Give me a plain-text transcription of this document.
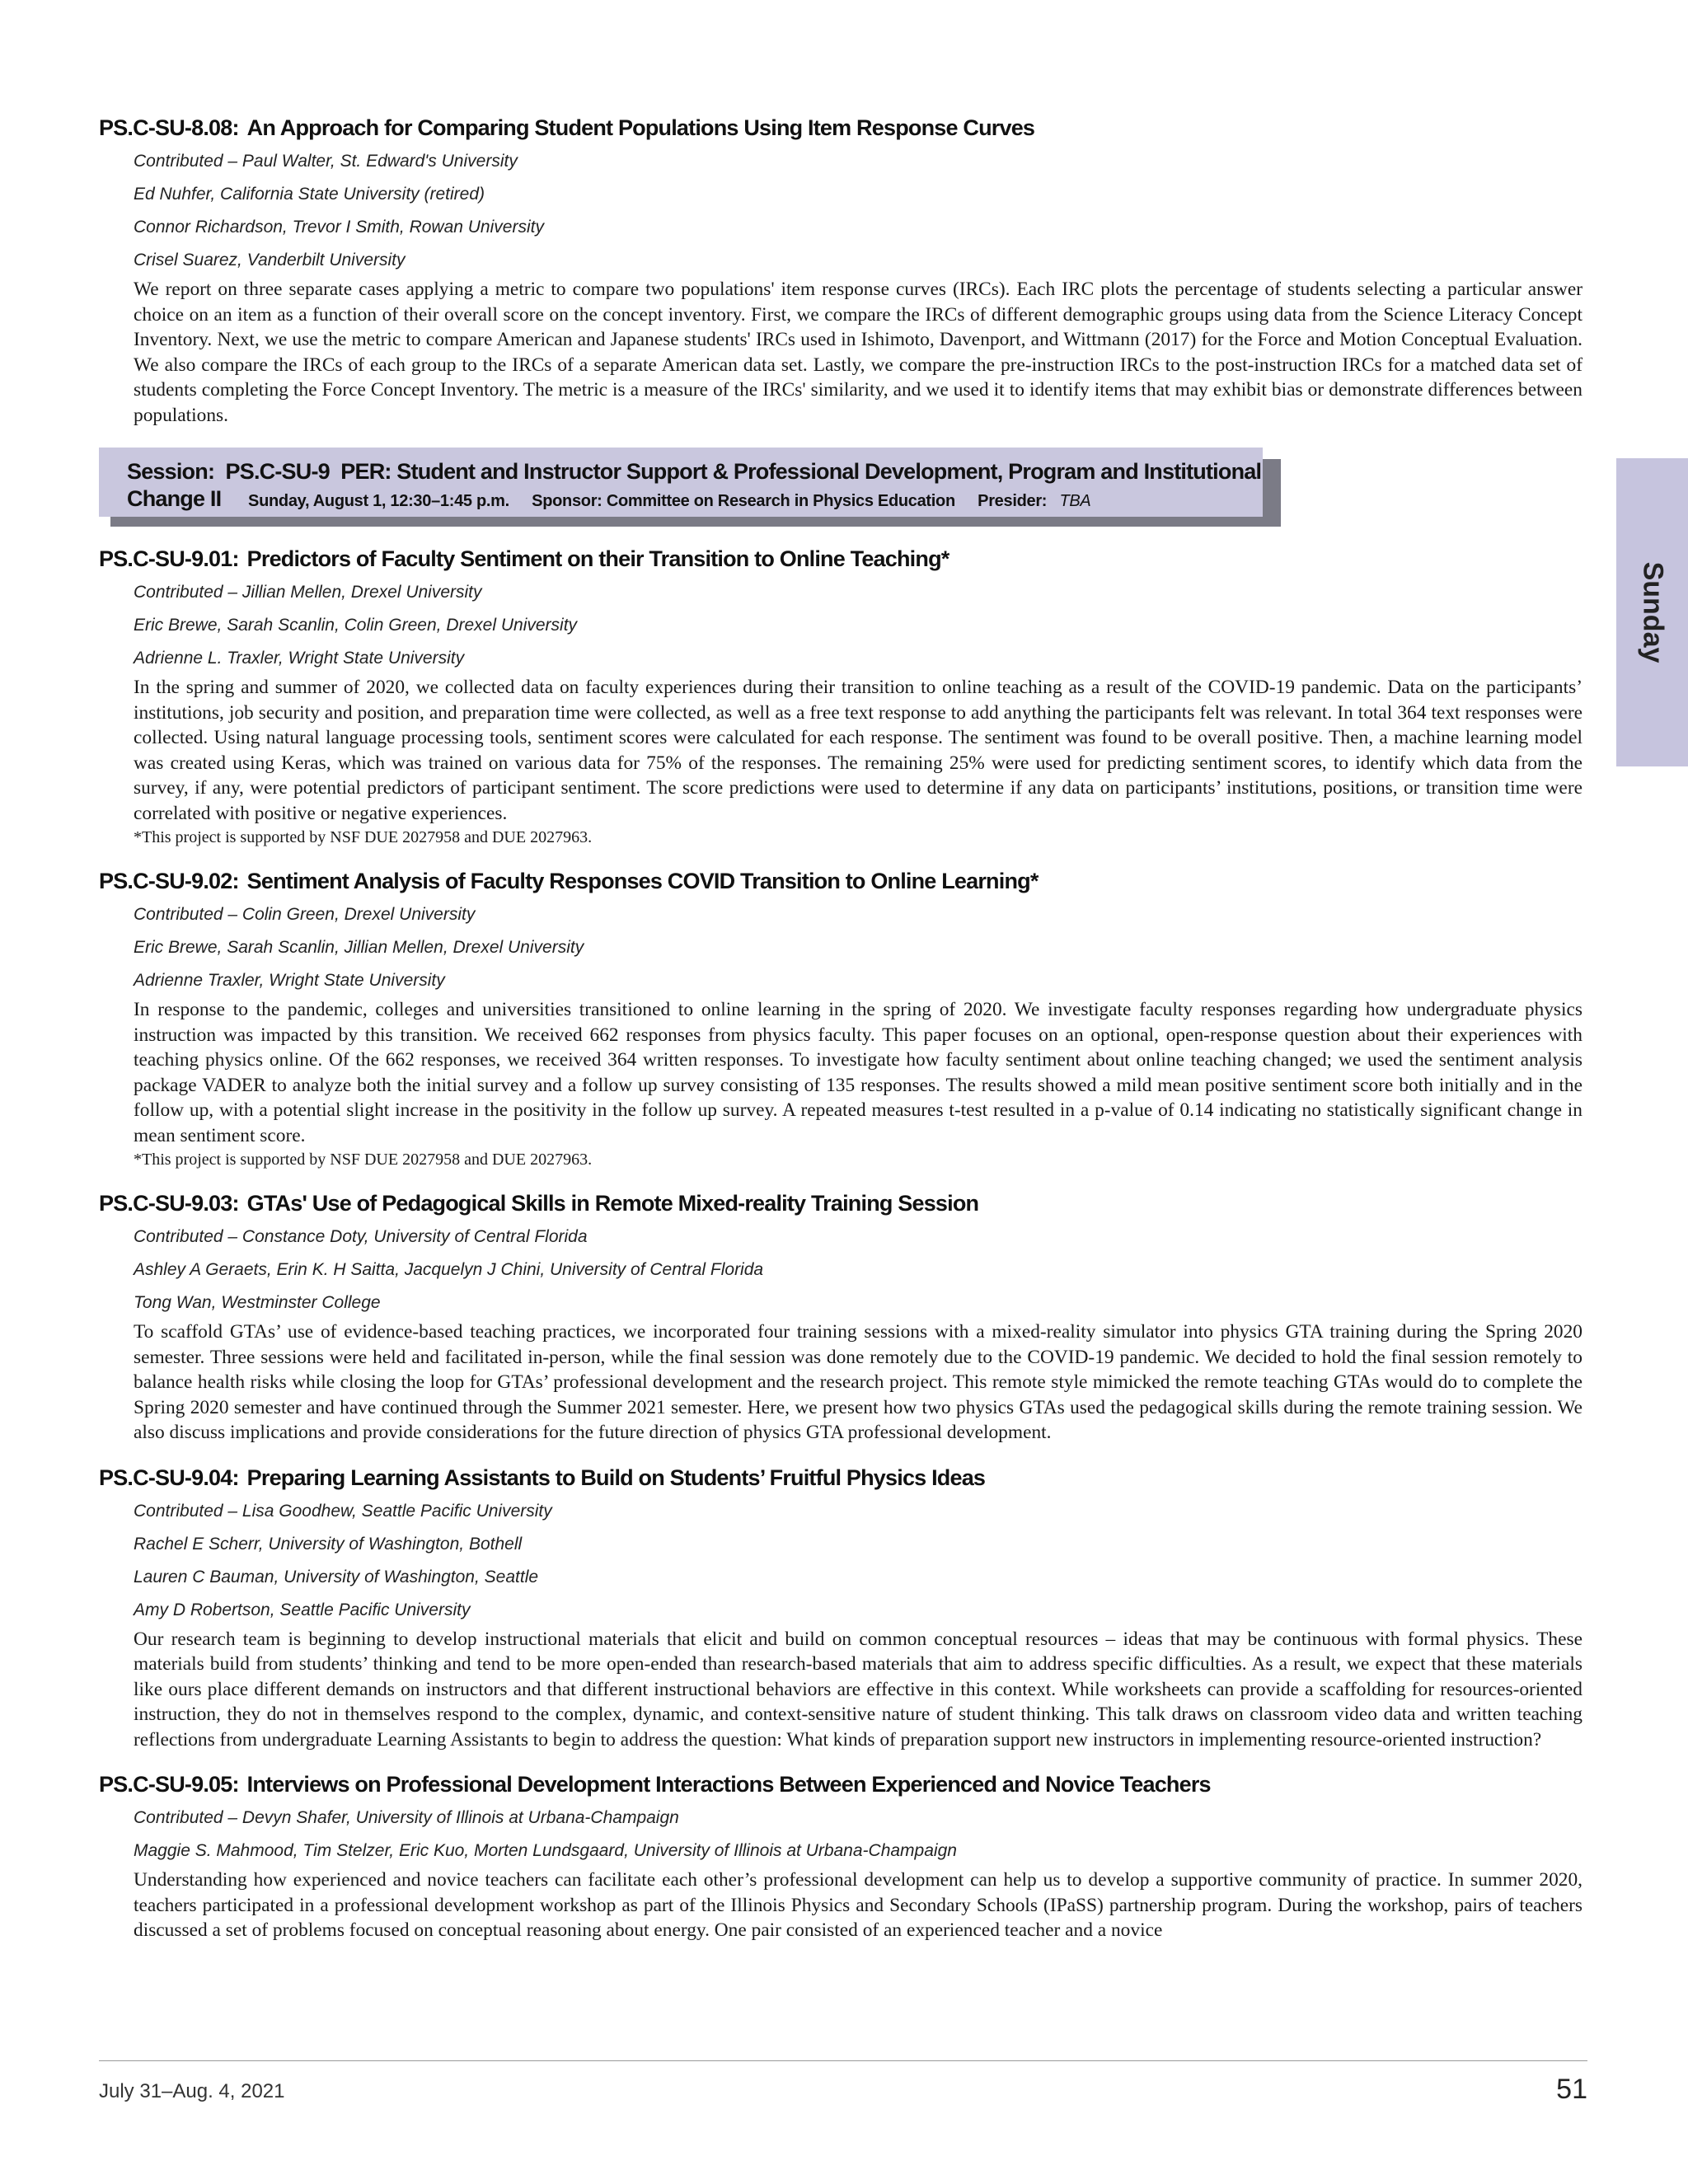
PS.C-SU-8.08: An Approach for Comparing Student Populations Using Item Response Curves
Contributed – Paul Walter, St. Edward's University
Ed Nuhfer, California State University (retired)
Connor Richardson, Trevor I Smith, Rowan University
Crisel Suarez, Vanderbilt University
We report on three separate cases applying a metric to compare two populations' item response curves (IRCs). Each IRC plots the percentage of students selecting a particular answer choice on an item as a function of their overall score on the concept inventory. First, we compare the IRCs of different demographic groups using data from the Science Literacy Concept Inventory. Next, we use the metric to compare American and Japanese students' IRCs used in Ishimoto, Davenport, and Wittmann (2017) for the Force and Motion Conceptual Evaluation. We also compare the IRCs of each group to the IRCs of a separate American data set. Lastly, we compare the pre-instruction IRCs to the post-instruction IRCs for a matched data set of students completing the Force Concept Inventory. The metric is a measure of the IRCs' similarity, and we used it to identify items that may exhibit bias or demonstrate differences between populations.
Session: PS.C-SU-9 PER: Student and Instructor Support & Professional Development, Program and Institutional
Change II Sunday, August 1, 12:30–1:45 p.m. Sponsor: Committee on Research in Physics Education Presider: TBA
PS.C-SU-9.01: Predictors of Faculty Sentiment on their Transition to Online Teaching*
Contributed – Jillian Mellen, Drexel University
Eric Brewe, Sarah Scanlin, Colin Green, Drexel University
Adrienne L. Traxler, Wright State University
In the spring and summer of 2020, we collected data on faculty experiences during their transition to online teaching as a result of the COVID-19 pandemic. Data on the participants’ institutions, job security and position, and preparation time were collected, as well as a free text response to add anything the participants felt was relevant. In total 364 text responses were collected. Using natural language processing tools, sentiment scores were calculated for each response. The sentiment was found to be overall positive. Then, a machine learning model was created using Keras, which was trained on various data for 75% of the responses. The remaining 25% were used for predicting sentiment scores, to identify which data from the survey, if any, were potential predictors of participant sentiment. The score predictions were used to determine if any data on participants’ institutions, positions, or transition time were correlated with positive or negative experiences.
*This project is supported by NSF DUE 2027958 and DUE 2027963.
PS.C-SU-9.02: Sentiment Analysis of Faculty Responses COVID Transition to Online Learning*
Contributed – Colin Green, Drexel University
Eric Brewe, Sarah Scanlin, Jillian Mellen, Drexel University
Adrienne Traxler, Wright State University
In response to the pandemic, colleges and universities transitioned to online learning in the spring of 2020. We investigate faculty responses regarding how undergraduate physics instruction was impacted by this transition. We received 662 responses from physics faculty. This paper focuses on an optional, open-response question about their experiences with teaching physics online. Of the 662 responses, we received 364 written responses. To investigate how faculty sentiment about online teaching changed; we used the sentiment analysis package VADER to analyze both the initial survey and a follow up survey consisting of 135 responses. The results showed a mild mean positive sentiment score both initially and in the follow up, with a potential slight increase in the positivity in the follow up survey. A repeated measures t-test resulted in a p-value of 0.14 indicating no statistically significant change in mean sentiment score.
*This project is supported by NSF DUE 2027958 and DUE 2027963.
PS.C-SU-9.03: GTAs' Use of Pedagogical Skills in Remote Mixed-reality Training Session
Contributed – Constance Doty, University of Central Florida
Ashley A Geraets, Erin K. H Saitta, Jacquelyn J Chini, University of Central Florida
Tong Wan, Westminster College
To scaffold GTAs’ use of evidence-based teaching practices, we incorporated four training sessions with a mixed-reality simulator into physics GTA training during the Spring 2020 semester. Three sessions were held and facilitated in-person, while the final session was done remotely due to the COVID-19 pandemic. We decided to hold the final session remotely to balance health risks while closing the loop for GTAs’ professional development and the research project. This remote style mimicked the remote teaching GTAs would do to complete the Spring 2020 semester and have continued through the Summer 2021 semester. Here, we present how two physics GTAs used the pedagogical skills during the remote training session. We also discuss implications and provide considerations for the future direction of physics GTA professional development.
PS.C-SU-9.04: Preparing Learning Assistants to Build on Students’ Fruitful Physics Ideas
Contributed – Lisa Goodhew, Seattle Pacific University
Rachel E Scherr, University of Washington, Bothell
Lauren C Bauman, University of Washington, Seattle
Amy D Robertson, Seattle Pacific University
Our research team is beginning to develop instructional materials that elicit and build on common conceptual resources – ideas that may be continuous with formal physics. These materials build from students’ thinking and tend to be more open-ended than research-based materials that aim to address specific difficulties. As a result, we expect that these materials like ours place different demands on instructors and that different instructional behaviors are effective in this context. While worksheets can provide a scaffolding for resources-oriented instruction, they do not in themselves respond to the complex, dynamic, and context-sensitive nature of student thinking. This talk draws on classroom video data and written teaching reflections from undergraduate Learning Assistants to begin to address the question: What kinds of preparation support new instructors in implementing resource-oriented instruction?
PS.C-SU-9.05: Interviews on Professional Development Interactions Between Experienced and Novice Teachers
Contributed – Devyn Shafer, University of Illinois at Urbana-Champaign
Maggie S. Mahmood, Tim Stelzer, Eric Kuo, Morten Lundsgaard, University of Illinois at Urbana-Champaign
Understanding how experienced and novice teachers can facilitate each other’s professional development can help us to develop a supportive community of practice. In summer 2020, teachers participated in a professional development workshop as part of the Illinois Physics and Secondary Schools (IPaSS) partnership program. During the workshop, pairs of teachers discussed a set of problems focused on conceptual reasoning about energy. One pair consisted of an experienced teacher and a novice
Sunday
July 31–Aug. 4, 2021	51
